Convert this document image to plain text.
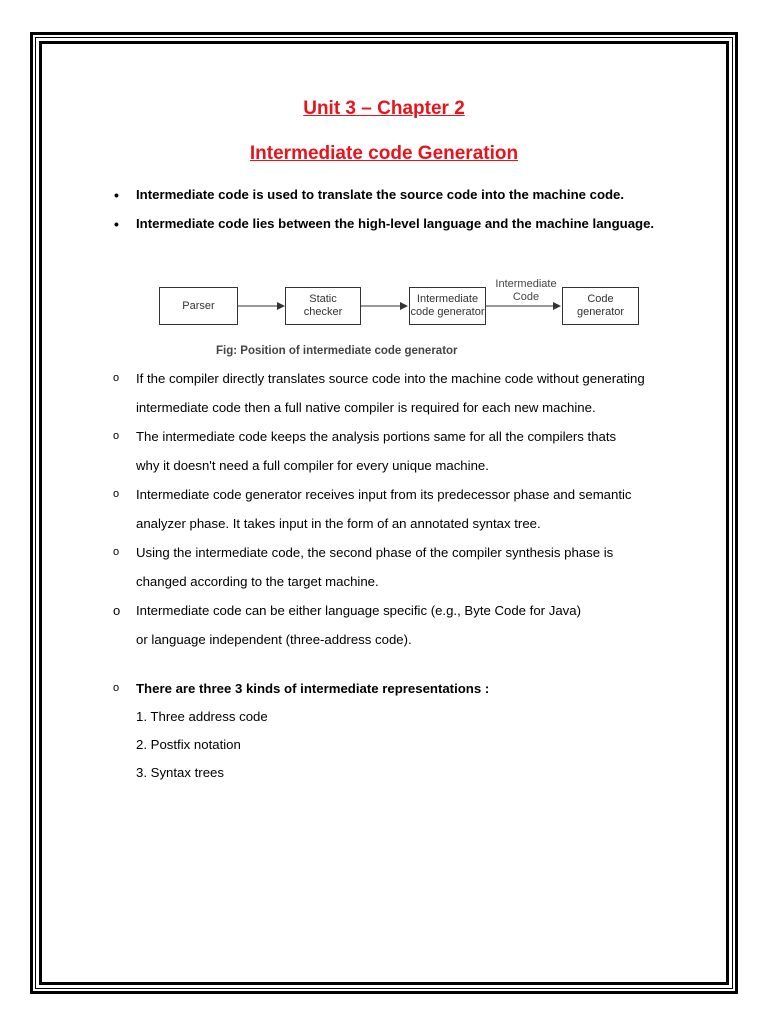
Unit 3 – Chapter 2
Intermediate code Generation
• Intermediate code is used to translate the source code into the machine code.
• Intermediate code lies between the high-level language and the machine language.
Parser
Static
checker
Intermediate
code generator
Code
generator
Intermediate
Code
Fig: Position of intermediate code generator
o If the compiler directly translates source code into the machine code without generating
intermediate code then a full native compiler is required for each new machine.
o The intermediate code keeps the analysis portions same for all the compilers thats
why it doesn't need a full compiler for every unique machine.
o Intermediate code generator receives input from its predecessor phase and semantic
analyzer phase. It takes input in the form of an annotated syntax tree.
o Using the intermediate code, the second phase of the compiler synthesis phase is
changed according to the target machine.
o Intermediate code can be either language specific (e.g., Byte Code for Java)
or language independent (three-address code).
o There are three 3 kinds of intermediate representations :
1. Three address code
2. Postfix notation
3. Syntax trees
